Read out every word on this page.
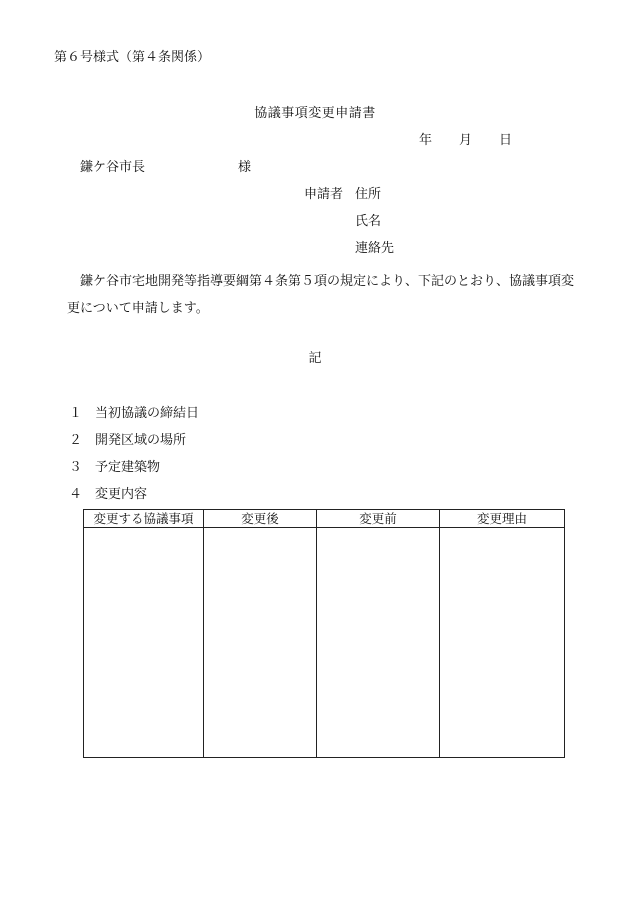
第６号様式（第４条関係）
協議事項変更申請書
年 月 日
鎌ケ谷市長	様
申請者 住所
氏名
連絡先
鎌ケ谷市宅地開発等指導要綱第４条第５項の規定により、下記のとおり、協議事項変更について申請します。
記
１ 当初協議の締結日
２ 開発区域の場所
３ 予定建築物
４ 変更内容
変更する協議事項	変更後	変更前	変更理由
